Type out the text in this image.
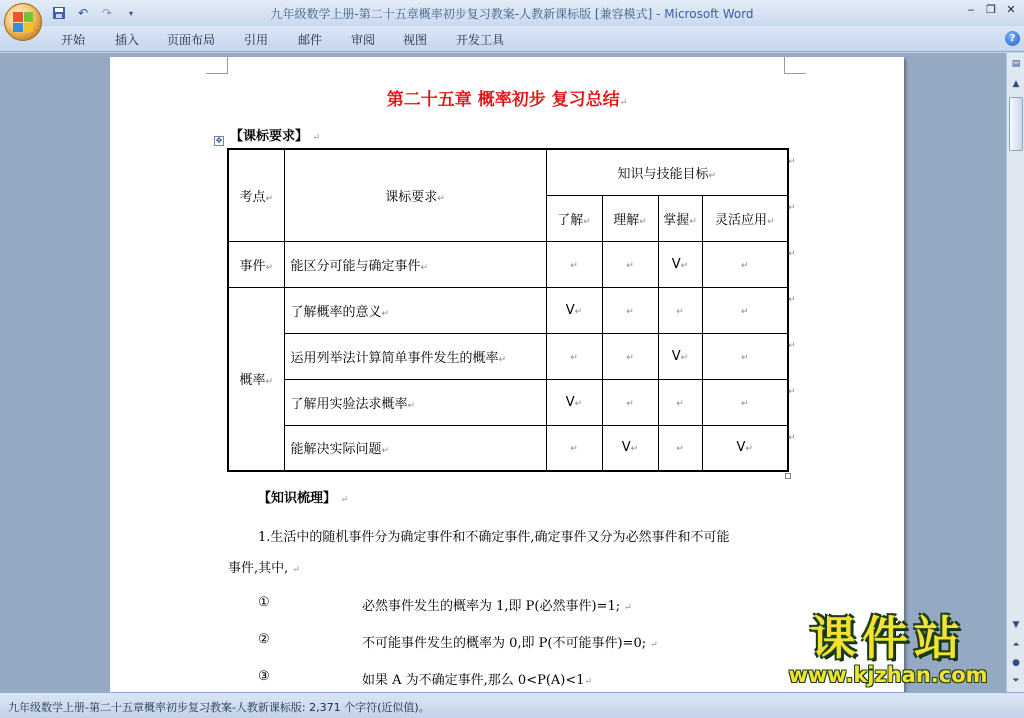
↶	↷	▾	九年级数学上册-第二十五章概率初步复习教案-人教新课标版 [兼容模式] - Microsoft Word	‒	❐ ✕
开始 插入 页面布局 引用 邮件 审阅 视图 开发工具	?
第二十五章 概率初步 复习总结↵
【课标要求】 ↵
✥
考点↵	课标要求↵	知识与技能目标↵			
		了解↵	理解↵	掌握↵	灵活应用↵
事件↵	能区分可能与确定事件↵	↵	↵	V↵	↵
概率↵	了解概率的意义↵	V↵	↵	↵	↵
	运用列举法计算简单事件发生的概率↵	↵	↵	V↵	↵
	了解用实验法求概率↵	V↵	↵	↵	↵
	能解决实际问题↵	↵	V↵	↵	V↵
↵
↵
↵
↵
↵
↵
↵
【知识梳理】 ↵
1.生活中的随机事件分为确定事件和不确定事件,确定事件又分为必然事件和不可能
事件,其中, ↵
①	必然事件发生的概率为 1,即 P(必然事件)=1; ↵
②	不可能事件发生的概率为 0,即 P(不可能事件)=0; ↵
③	如果 A 为不确定事件,那么 0<P(A)<1↵
▤
▲
▼
⏶
●
⏷
九年级数学上册-第二十五章概率初步复习教案-人教新课标版: 2,371 个字符(近似值)。
课件站
www.kjzhan.com
